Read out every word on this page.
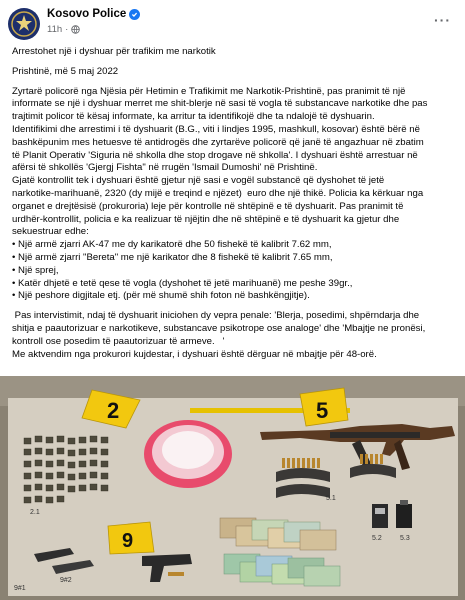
Kosovo Police
11h ·
···

Arrestohet një i dyshuar për trafikim me narkotik

Prishtinë, më 5 maj 2022

Zyrtarë policorë nga Njësia për Hetimin e Trafikimit me Narkotik-Prishtinë, pas pranimit të një

informate se një i dyshuar merret me shit-blerje në sasi të vogla të substancave narkotike dhe pas

trajtimit policor të kësaj informate, ka arritur ta identifikojë dhe ta ndalojë të dyshuarin.

Identifikimi dhe arrestimi i të dyshuarit (B.G., viti i lindjes 1995, mashkull, kosovar) është bërë në

bashkëpunim mes hetuesve të antidrogës dhe zyrtarëve policorë që janë të angazhuar në zbatim

të Planit Operativ 'Siguria në shkolla dhe stop drogave në shkolla'. I dyshuari është arrestuar në

afërsi të shkollës 'Gjergj Fishta" në rrugën 'Ismail Dumoshi' në Prishtinë.

Gjatë kontrollit tek i dyshuari është gjetur një sasi e vogël substancë që dyshohet të jetë

narkotike-marihuanë, 2320 (dy mijë e treqind e njëzet)  euro dhe një thikë. Policia ka kërkuar nga

organet e drejtësisë (prokuroria) leje për kontrolle në shtëpinë e të dyshuarit. Pas pranimit të

urdhër-kontrollit, policia e ka realizuar të njëjtin dhe në shtëpinë e të dyshuarit ka gjetur dhe

sekuestruar edhe:

• Një armë zjarri AK-47 me dy karikatorë dhe 50 fishekë të kalibrit 7.62 mm,

• Një armë zjarri "Bereta" me një karikator dhe 8 fishekë të kalibrit 7.65 mm,

• Një sprej,

• Katër dhjetë e tetë qese të vogla (dyshohet të jetë marihuanë) me peshe 39gr.,

• Një peshore digjitale etj. (për më shumë shih foton në bashkëngjitje).

Pas intervistimit, ndaj të dyshuarit iniciohen dy vepra penale: 'Blerja, posedimi, shpërndarja dhe

shitja e paautorizuar e narkotikeve, substancave psikotrope ose analoge' dhe 'Mbajtje ne pronësi,

kontroll ose posedim të paautorizuar të armeve.   '

Me aktvendim nga prokurori kujdestar, i dyshuari është dërguar në mbajtje për 48-orë.

2	5
9
2.1
5.1
5.2	5.3
9#2
9#1
